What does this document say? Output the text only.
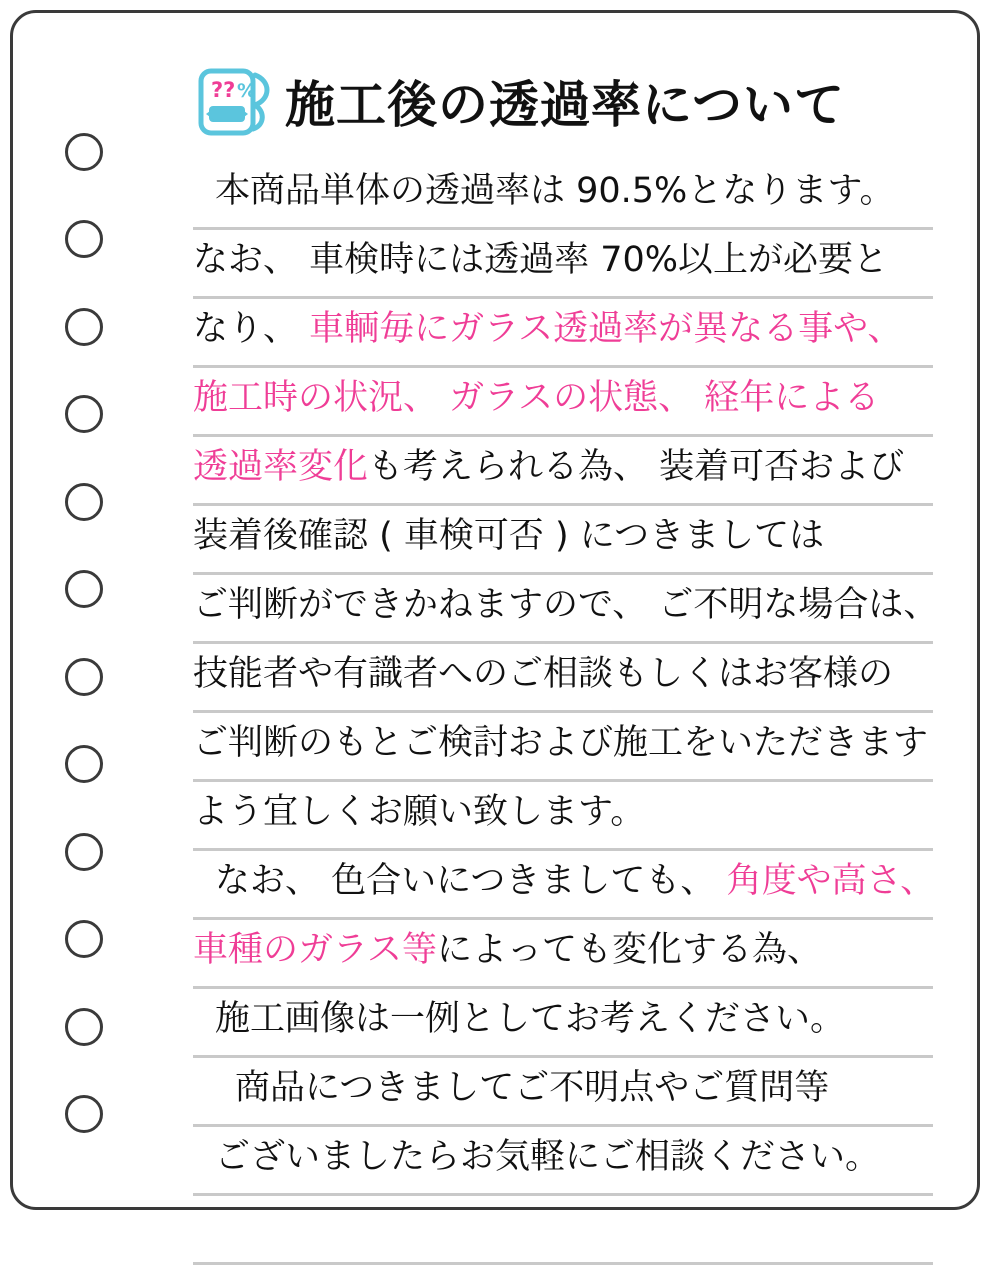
?? % 施工後の透過率について
本商品単体の透過率は 90.5%となります。
なお、 車検時には透過率 70%以上が必要と
なり、 車輌毎にガラス透過率が異なる事や、
施工時の状況、 ガラスの状態、 経年による
透過率変化も考えられる為、 装着可否および
装着後確認 ( 車検可否 ) につきましては
ご判断ができかねますので、 ご不明な場合は、
技能者や有識者へのご相談もしくはお客様の
ご判断のもとご検討および施工をいただきます
よう宜しくお願い致します。
なお、 色合いにつきましても、 角度や高さ、
車種のガラス等によっても変化する為、
施工画像は一例としてお考えください。
商品につきましてご不明点やご質問等
ございましたらお気軽にご相談ください。
